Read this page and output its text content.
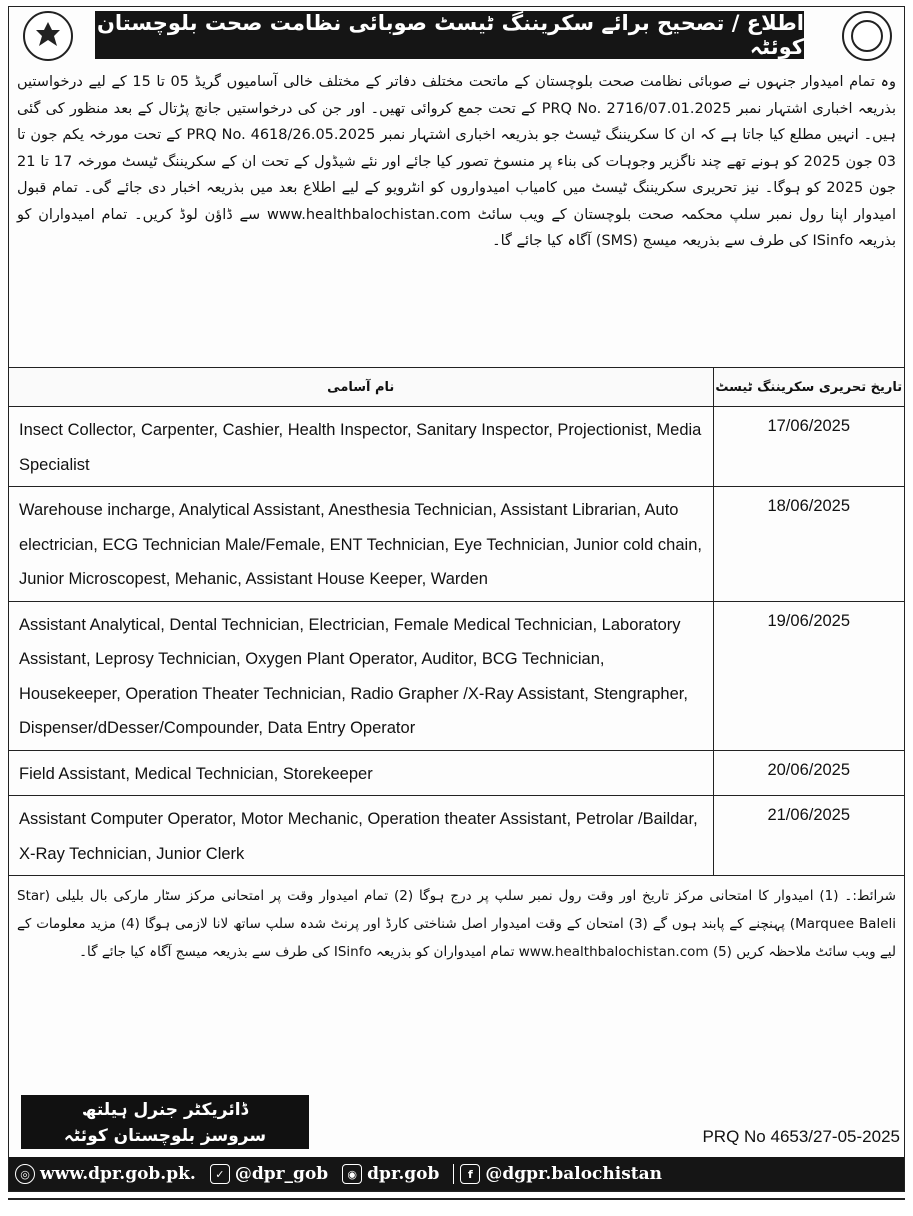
اطلاع / تصحیح برائے سکریننگ ٹیسٹ صوبائی نظامت صحت بلوچستان کوئٹہ

وہ تمام امیدوار جنہوں نے صوبائی نظامت صحت بلوچستان کے ماتحت مختلف دفاتر کے مختلف خالی آسامیوں گریڈ 05 تا 15 کے لیے درخواستیں بذریعہ اخباری اشتہار نمبر PRQ No. 2716/07.01.2025 کے تحت جمع کروائی تھیں۔ اور جن کی درخواستیں جانچ پڑتال کے بعد منظور کی گئی ہیں۔ انہیں مطلع کیا جاتا ہے کہ ان کا سکریننگ ٹیسٹ جو بذریعہ اخباری اشتہار نمبر PRQ No. 4618/26.05.2025 کے تحت مورخہ یکم جون تا 03 جون 2025 کو ہونے تھے چند ناگزیر وجوہات کی بناء پر منسوخ تصور کیا جائے اور نئے شیڈول کے تحت ان کے سکریننگ ٹیسٹ مورخہ 17 تا 21 جون 2025 کو ہوگا۔ نیز تحریری سکریننگ ٹیسٹ میں کامیاب امیدواروں کو انٹرویو کے لیے اطلاع بعد میں بذریعہ اخبار دی جائے گی۔ تمام قبول امیدوار اپنا رول نمبر سلپ محکمہ صحت بلوچستان کے ویب سائٹ www.healthbalochistan.com سے ڈاؤن لوڈ کریں۔ تمام امیدواران کو بذریعہ ISinfo کی طرف سے بذریعہ میسج (SMS) آگاہ کیا جائے گا۔

نام آسامی	تاریخ تحریری سکریننگ ٹیسٹ
Insect Collector, Carpenter, Cashier, Health Inspector, Sanitary Inspector, Projectionist, Media Specialist	17/06/2025
Warehouse incharge, Analytical Assistant, Anesthesia Technician, Assistant Librarian, Auto electrician, ECG Technician Male/Female, ENT Technician, Eye Technician, Junior cold chain, Junior Microscopest, Mehanic, Assistant House Keeper, Warden	18/06/2025
Assistant Analytical, Dental Technician, Electrician, Female Medical Technician, Laboratory Assistant, Leprosy Technician, Oxygen Plant Operator, Auditor, BCG Technician, Housekeeper, Operation Theater Technician, Radio Grapher /X-Ray Assistant, Stengrapher, Dispenser/dDesser/Compounder, Data Entry Operator	19/06/2025
Field Assistant, Medical Technician, Storekeeper	20/06/2025
Assistant Computer Operator, Motor Mechanic, Operation theater Assistant, Petrolar /Baildar, X-Ray Technician, Junior Clerk	21/06/2025

شرائط:۔ (1) امیدوار کا امتحانی مرکز تاریخ اور وقت رول نمبر سلپ پر درج ہوگا (2) تمام امیدوار وقت پر امتحانی مرکز سٹار مارکی بال بلیلی (Star Marquee Baleli) پہنچنے کے پابند ہوں گے (3) امتحان کے وقت امیدوار اصل شناختی کارڈ اور پرنٹ شدہ سلپ ساتھ لانا لازمی ہوگا (4) مزید معلومات کے لیے ویب سائٹ ملاحظہ کریں www.healthbalochistan.com (5) تمام امیدواران کو بذریعہ ISinfo کی طرف سے بذریعہ میسج آگاہ کیا جائے گا۔

ڈائریکٹر جنرل ہیلتھ
سروسز بلوچستان کوئٹہ	PRQ No 4653/27-05-2025
◎ www.dpr.gob.pk.	✓ @dpr_gob	◉ dpr.gob	f @dgpr.balochistan
